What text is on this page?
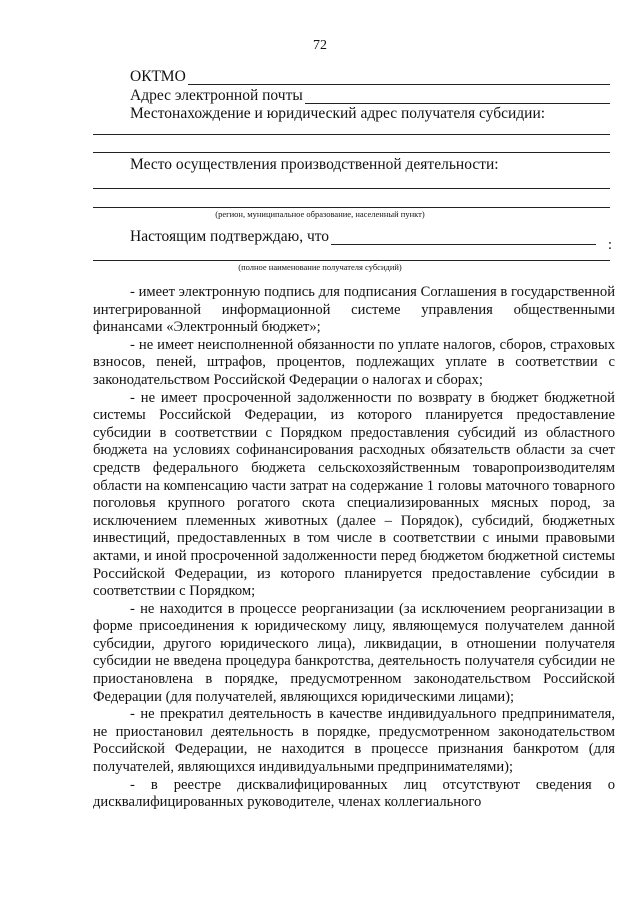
72
ОКТМО
Адрес электронной почты
Местонахождение и юридический адрес получателя субсидии:
Место осуществления производственной деятельности:
(регион, муниципальное образование, населенный пункт)
Настоящим подтверждаю, что	:
(полное наименование получателя субсидий)

- имеет электронную подпись для подписания Соглашения в государственной интегрированной информационной системе управления общественными финансами «Электронный бюджет»;

- не имеет неисполненной обязанности по уплате налогов, сборов, страховых взносов, пеней, штрафов, процентов, подлежащих уплате в соответствии с законодательством Российской Федерации о налогах и сборах;

- не имеет просроченной задолженности по возврату в бюджет бюджетной системы Российской Федерации, из которого планируется предоставление субсидии в соответствии с Порядком предоставления субсидий из областного бюджета на условиях софинансирования расходных обязательств области за счет средств федерального бюджета сельскохозяйственным товаропроизводителям области на компенсацию части затрат на содержание 1 головы маточного товарного поголовья крупного рогатого скота специализированных мясных пород, за исключением племенных животных (далее – Порядок), субсидий, бюджетных инвестиций, предоставленных в том числе в соответствии с иными правовыми актами, и иной просроченной задолженности перед бюджетом бюджетной системы Российской Федерации, из которого планируется предоставление субсидии в соответствии с Порядком;

- не находится в процессе реорганизации (за исключением реорганизации в форме присоединения к юридическому лицу, являющемуся получателем данной субсидии, другого юридического лица), ликвидации, в отношении получателя субсидии не введена процедура банкротства, деятельность получателя субсидии не приостановлена в порядке, предусмотренном законодательством Российской Федерации (для получателей, являющихся юридическими лицами);

- не прекратил деятельность в качестве индивидуального предпринимателя, не приостановил деятельность в порядке, предусмотренном законодательством Российской Федерации, не находится в процессе признания банкротом (для получателей, являющихся индивидуальными предпринимателями);

- в реестре дисквалифицированных лиц отсутствуют сведения о дисквалифицированных руководителе, членах коллегиального
